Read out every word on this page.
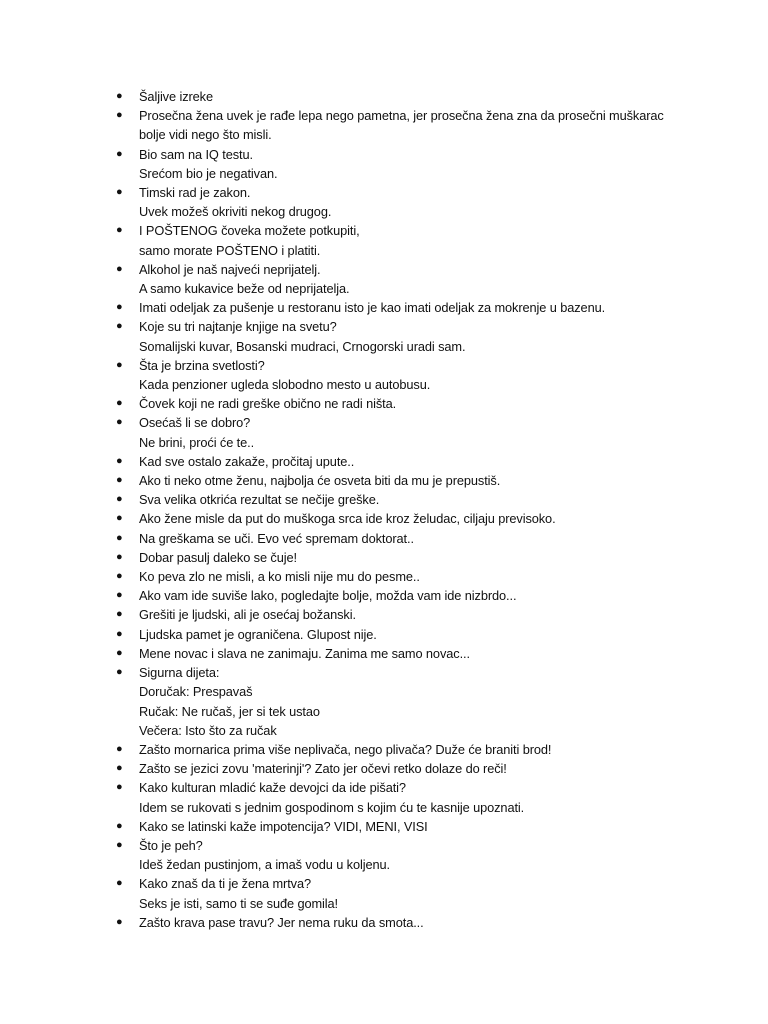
● Šaljive izreke
● Prosečna žena uvek je rađe lepa nego pametna, jer prosečna žena zna da prosečni muškarac
bolje vidi nego što misli.
● Bio sam na IQ testu.
Srećom bio je negativan.
● Timski rad je zakon.
Uvek možeš okriviti nekog drugog.
● I POŠTENOG čoveka možete potkupiti,
samo morate POŠTENO i platiti.
● Alkohol je naš najveći neprijatelj.
A samo kukavice beže od neprijatelja.
● Imati odeljak za pušenje u restoranu isto je kao imati odeljak za mokrenje u bazenu.
● Koje su tri najtanje knjige na svetu?
Somalijski kuvar, Bosanski mudraci, Crnogorski uradi sam.
● Šta je brzina svetlosti?
Kada penzioner ugleda slobodno mesto u autobusu.
● Čovek koji ne radi greške obično ne radi ništa.
● Osećaš li se dobro?
Ne brini, proći će te..
● Kad sve ostalo zakaže, pročitaj upute..
● Ako ti neko otme ženu, najbolja će osveta biti da mu je prepustiš.
● Sva velika otkrića rezultat se nečije greške.
● Ako žene misle da put do muškoga srca ide kroz želudac, ciljaju previsoko.
● Na greškama se uči. Evo već spremam doktorat..
● Dobar pasulj daleko se čuje!
● Ko peva zlo ne misli, a ko misli nije mu do pesme..
● Ako vam ide suviše lako, pogledajte bolje, možda vam ide nizbrdo...
● Grešiti je ljudski, ali je osećaj božanski.
● Ljudska pamet je ograničena. Glupost nije.
● Mene novac i slava ne zanimaju. Zanima me samo novac...
● Sigurna dijeta:
Doručak: Prespavaš
Ručak: Ne ručaš, jer si tek ustao
Večera: Isto što za ručak
● Zašto mornarica prima više neplivača, nego plivača? Duže će braniti brod!
● Zašto se jezici zovu 'materinji'? Zato jer očevi retko dolaze do reči!
● Kako kulturan mladić kaže devojci da ide pišati?
Idem se rukovati s jednim gospodinom s kojim ću te kasnije upoznati.
● Kako se latinski kaže impotencija? VIDI, MENI, VISI
● Što je peh?
Ideš žedan pustinjom, a imaš vodu u koljenu.
● Kako znaš da ti je žena mrtva?
Seks je isti, samo ti se suđe gomila!
● Zašto krava pase travu? Jer nema ruku da smota...
